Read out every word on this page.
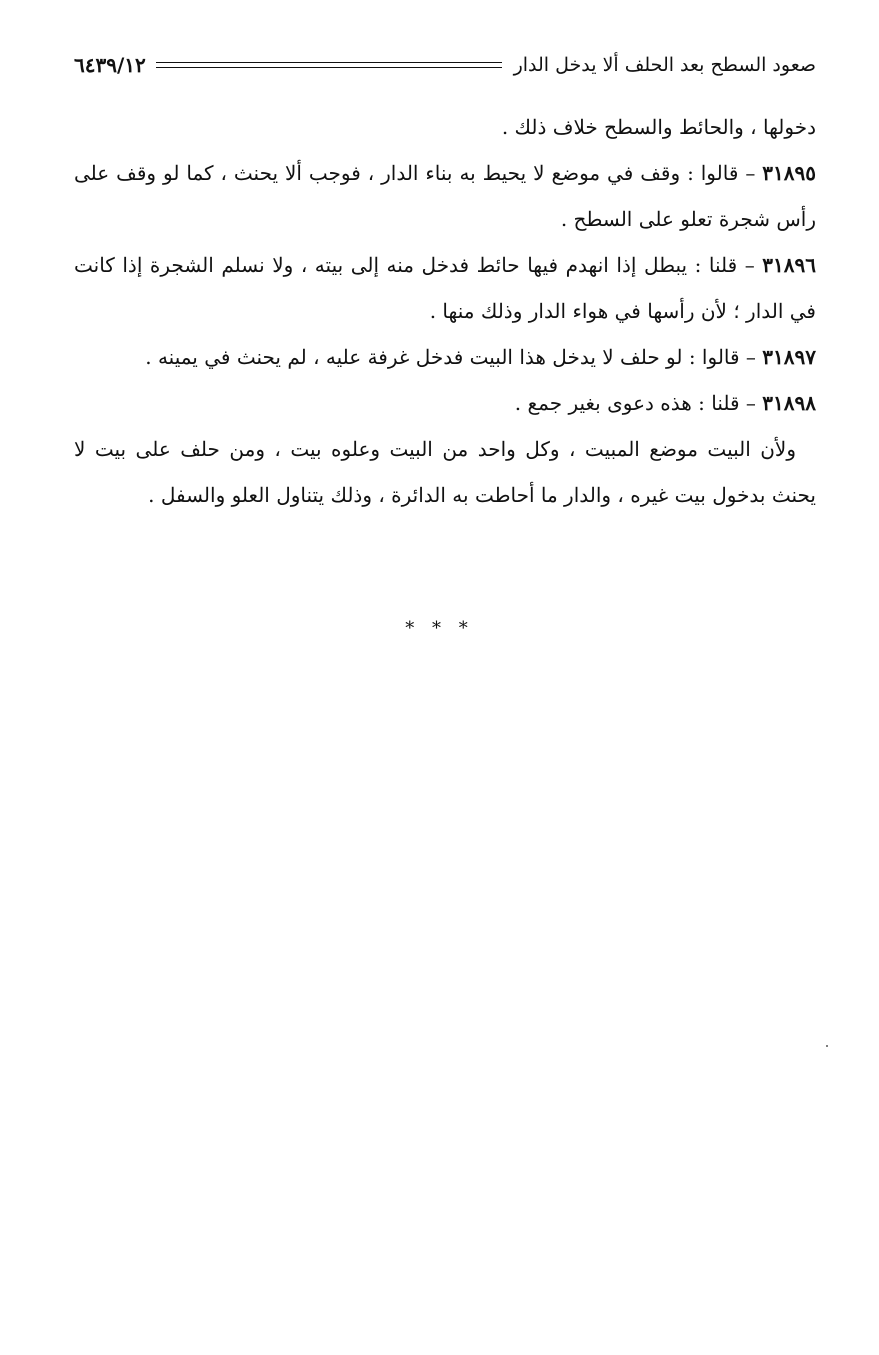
صعود السطح بعد الحلف ألا يدخل الدار
٦٤٣٩/١٢

دخولها ، والحائط والسطح خلاف ذلك .

٣١٨٩٥ – قالوا : وقف في موضع لا يحيط به بناء الدار ، فوجب ألا يحنث ، كما لو وقف على رأس شجرة تعلو على السطح .

٣١٨٩٦ – قلنا : يبطل إذا انهدم فيها حائط فدخل منه إلى بيته ، ولا نسلم الشجرة إذا كانت في الدار ؛ لأن رأسها في هواء الدار وذلك منها .

٣١٨٩٧ – قالوا : لو حلف لا يدخل هذا البيت فدخل غرفة عليه ، لم يحنث في يمينه .

٣١٨٩٨ – قلنا : هذه دعوى بغير جمع .

ولأن البيت موضع المبيت ، وكل واحد من البيت وعلوه بيت ، ومن حلف على بيت لا يحنث بدخول بيت غيره ، والدار ما أحاطت به الدائرة ، وذلك يتناول العلو والسفل .

* * *
